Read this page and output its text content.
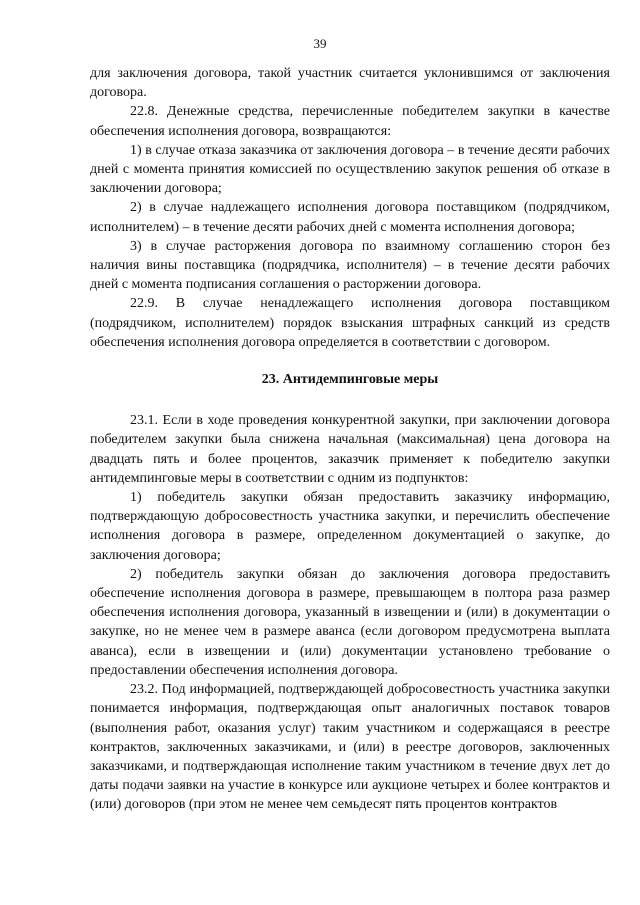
39

для заключения договора, такой участник считается уклонившимся от заключения договора.

22.8. Денежные средства, перечисленные победителем закупки в качестве обеспечения исполнения договора, возвращаются:

1) в случае отказа заказчика от заключения договора – в течение десяти рабочих дней с момента принятия комиссией по осуществлению закупок решения об отказе в заключении договора;

2) в случае надлежащего исполнения договора поставщиком (подрядчиком, исполнителем) – в течение десяти рабочих дней с момента исполнения договора;

3) в случае расторжения договора по взаимному соглашению сторон без наличия вины поставщика (подрядчика, исполнителя) – в течение десяти рабочих дней с момента подписания соглашения о расторжении договора.

22.9. В случае ненадлежащего исполнения договора поставщиком (подрядчиком, исполнителем) порядок взыскания штрафных санкций из средств обеспечения исполнения договора определяется в соответствии с договором.

23. Антидемпинговые меры

23.1. Если в ходе проведения конкурентной закупки, при заключении договора победителем закупки была снижена начальная (максимальная) цена договора на двадцать пять и более процентов, заказчик применяет к победителю закупки антидемпинговые меры в соответствии с одним из подпунктов:

1) победитель закупки обязан предоставить заказчику информацию, подтверждающую добросовестность участника закупки, и перечислить обеспечение исполнения договора в размере, определенном документацией о закупке, до заключения договора;

2) победитель закупки обязан до заключения договора предоставить обеспечение исполнения договора в размере, превышающем в полтора раза размер обеспечения исполнения договора, указанный в извещении и (или) в документации о закупке, но не менее чем в размере аванса (если договором предусмотрена выплата аванса), если в извещении и (или) документации установлено требование о предоставлении обеспечения исполнения договора.

23.2. Под информацией, подтверждающей добросовестность участника закупки понимается информация, подтверждающая опыт аналогичных поставок товаров (выполнения работ, оказания услуг) таким участником и содержащаяся в реестре контрактов, заключенных заказчиками, и (или) в реестре договоров, заключенных заказчиками, и подтверждающая исполнение таким участником в течение двух лет до даты подачи заявки на участие в конкурсе или аукционе четырех и более контрактов и (или) договоров (при этом не менее чем семьдесят пять процентов контрактов
